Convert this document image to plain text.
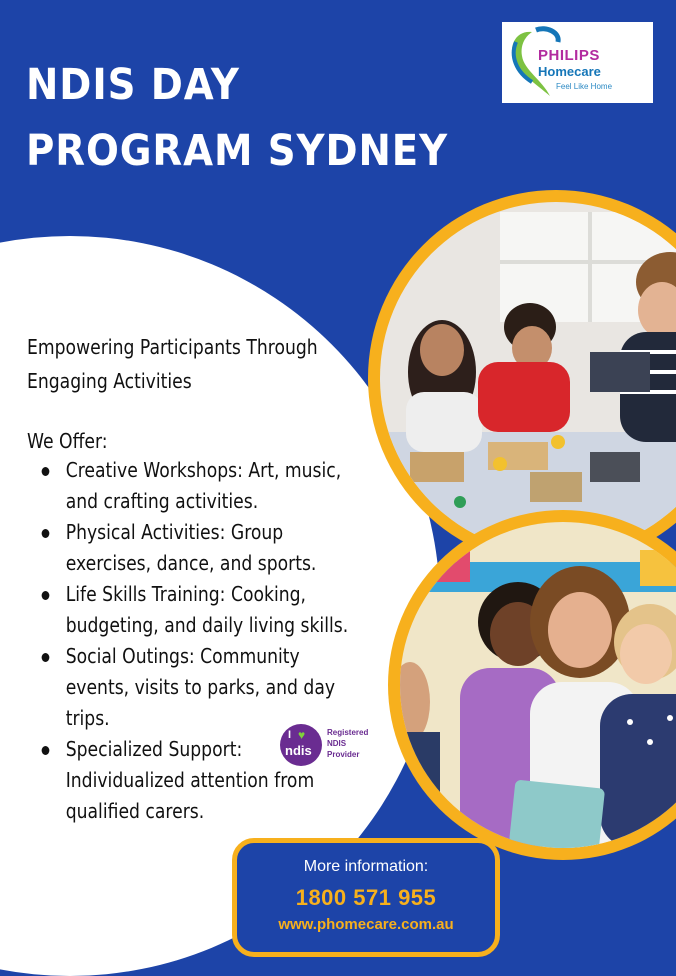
NDIS DAY
PROGRAM SYDNEY
PHILIPS
Homecare
Feel Like Home
Empowering Participants Through
Engaging Activities
We Offer:
Creative Workshops: Art, music,
and crafting activities.
Physical Activities: Group
exercises, dance, and sports.
Life Skills Training: Cooking,
budgeting, and daily living skills.
Social Outings: Community
events, visits to parks, and day
trips.
Specialized Support:
Individualized attention from
qualified carers.
I ♥
ndis
Registered
NDIS
Provider
More information:
1800 571 955
www.phomecare.com.au
